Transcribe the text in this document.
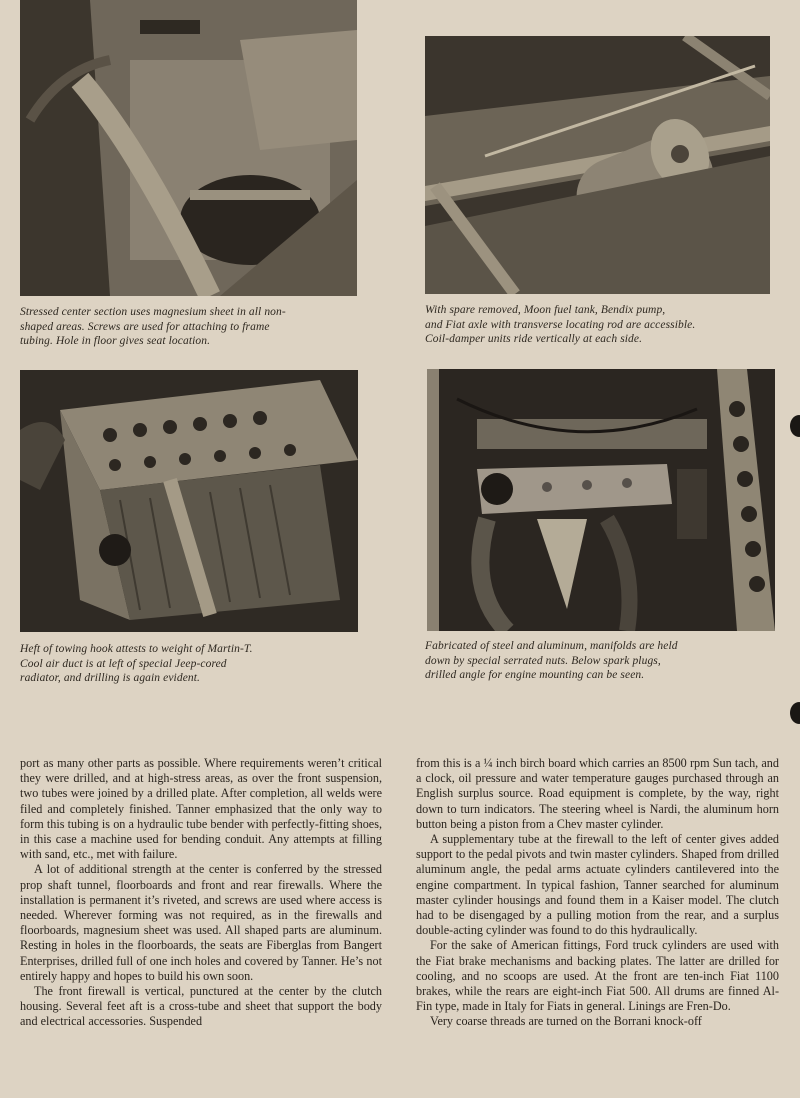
Stressed center section uses magnesium sheet in all non-
shaped areas. Screws are used for attaching to frame
tubing. Hole in floor gives seat location.
With spare removed, Moon fuel tank, Bendix pump,
and Fiat axle with transverse locating rod are accessible.
Coil-damper units ride vertically at each side.
Heft of towing hook attests to weight of Martin-T.
Cool air duct is at left of special Jeep-cored
radiator, and drilling is again evident.
Fabricated of steel and aluminum, manifolds are held
down by special serrated nuts. Below spark plugs,
drilled angle for engine mounting can be seen.

port as many other parts as possible. Where requirements weren’t critical they were drilled, and at high-stress areas, as over the front suspension, two tubes were joined by a drilled plate. After completion, all welds were filed and completely finished. Tanner emphasized that the only way to form this tubing is on a hydraulic tube bender with perfectly-fitting shoes, in this case a machine used for bending conduit. Any attempts at filling with sand, etc., met with failure.

A lot of additional strength at the center is conferred by the stressed prop shaft tunnel, floorboards and front and rear firewalls. Where the installation is permanent it’s riveted, and screws are used where access is needed. Wherever forming was not required, as in the firewalls and floorboards, magnesium sheet was used. All shaped parts are aluminum. Resting in holes in the floorboards, the seats are Fiberglas from Bangert Enterprises, drilled full of one inch holes and covered by Tanner. He’s not entirely happy and hopes to build his own soon.

The front firewall is vertical, punctured at the center by the clutch housing. Several feet aft is a cross-tube and sheet that support the body and electrical accessories. Suspended

from this is a ¼ inch birch board which carries an 8500 rpm Sun tach, and a clock, oil pressure and water temperature gauges purchased through an English surplus source. Road equipment is complete, by the way, right down to turn indicators. The steering wheel is Nardi, the aluminum horn button being a piston from a Chev master cylinder.

A supplementary tube at the firewall to the left of center gives added support to the pedal pivots and twin master cylinders. Shaped from drilled aluminum angle, the pedal arms actuate cylinders cantilevered into the engine compartment. In typical fashion, Tanner searched for aluminum master cylinder housings and found them in a Kaiser model. The clutch had to be disengaged by a pulling motion from the rear, and a surplus double-acting cylinder was found to do this hydraulically.

For the sake of American fittings, Ford truck cylinders are used with the Fiat brake mechanisms and backing plates. The latter are drilled for cooling, and no scoops are used. At the front are ten-inch Fiat 1100 brakes, while the rears are eight-inch Fiat 500. All drums are finned Al-Fin type, made in Italy for Fiats in general. Linings are Fren-Do.

Very coarse threads are turned on the Borrani knock-off
